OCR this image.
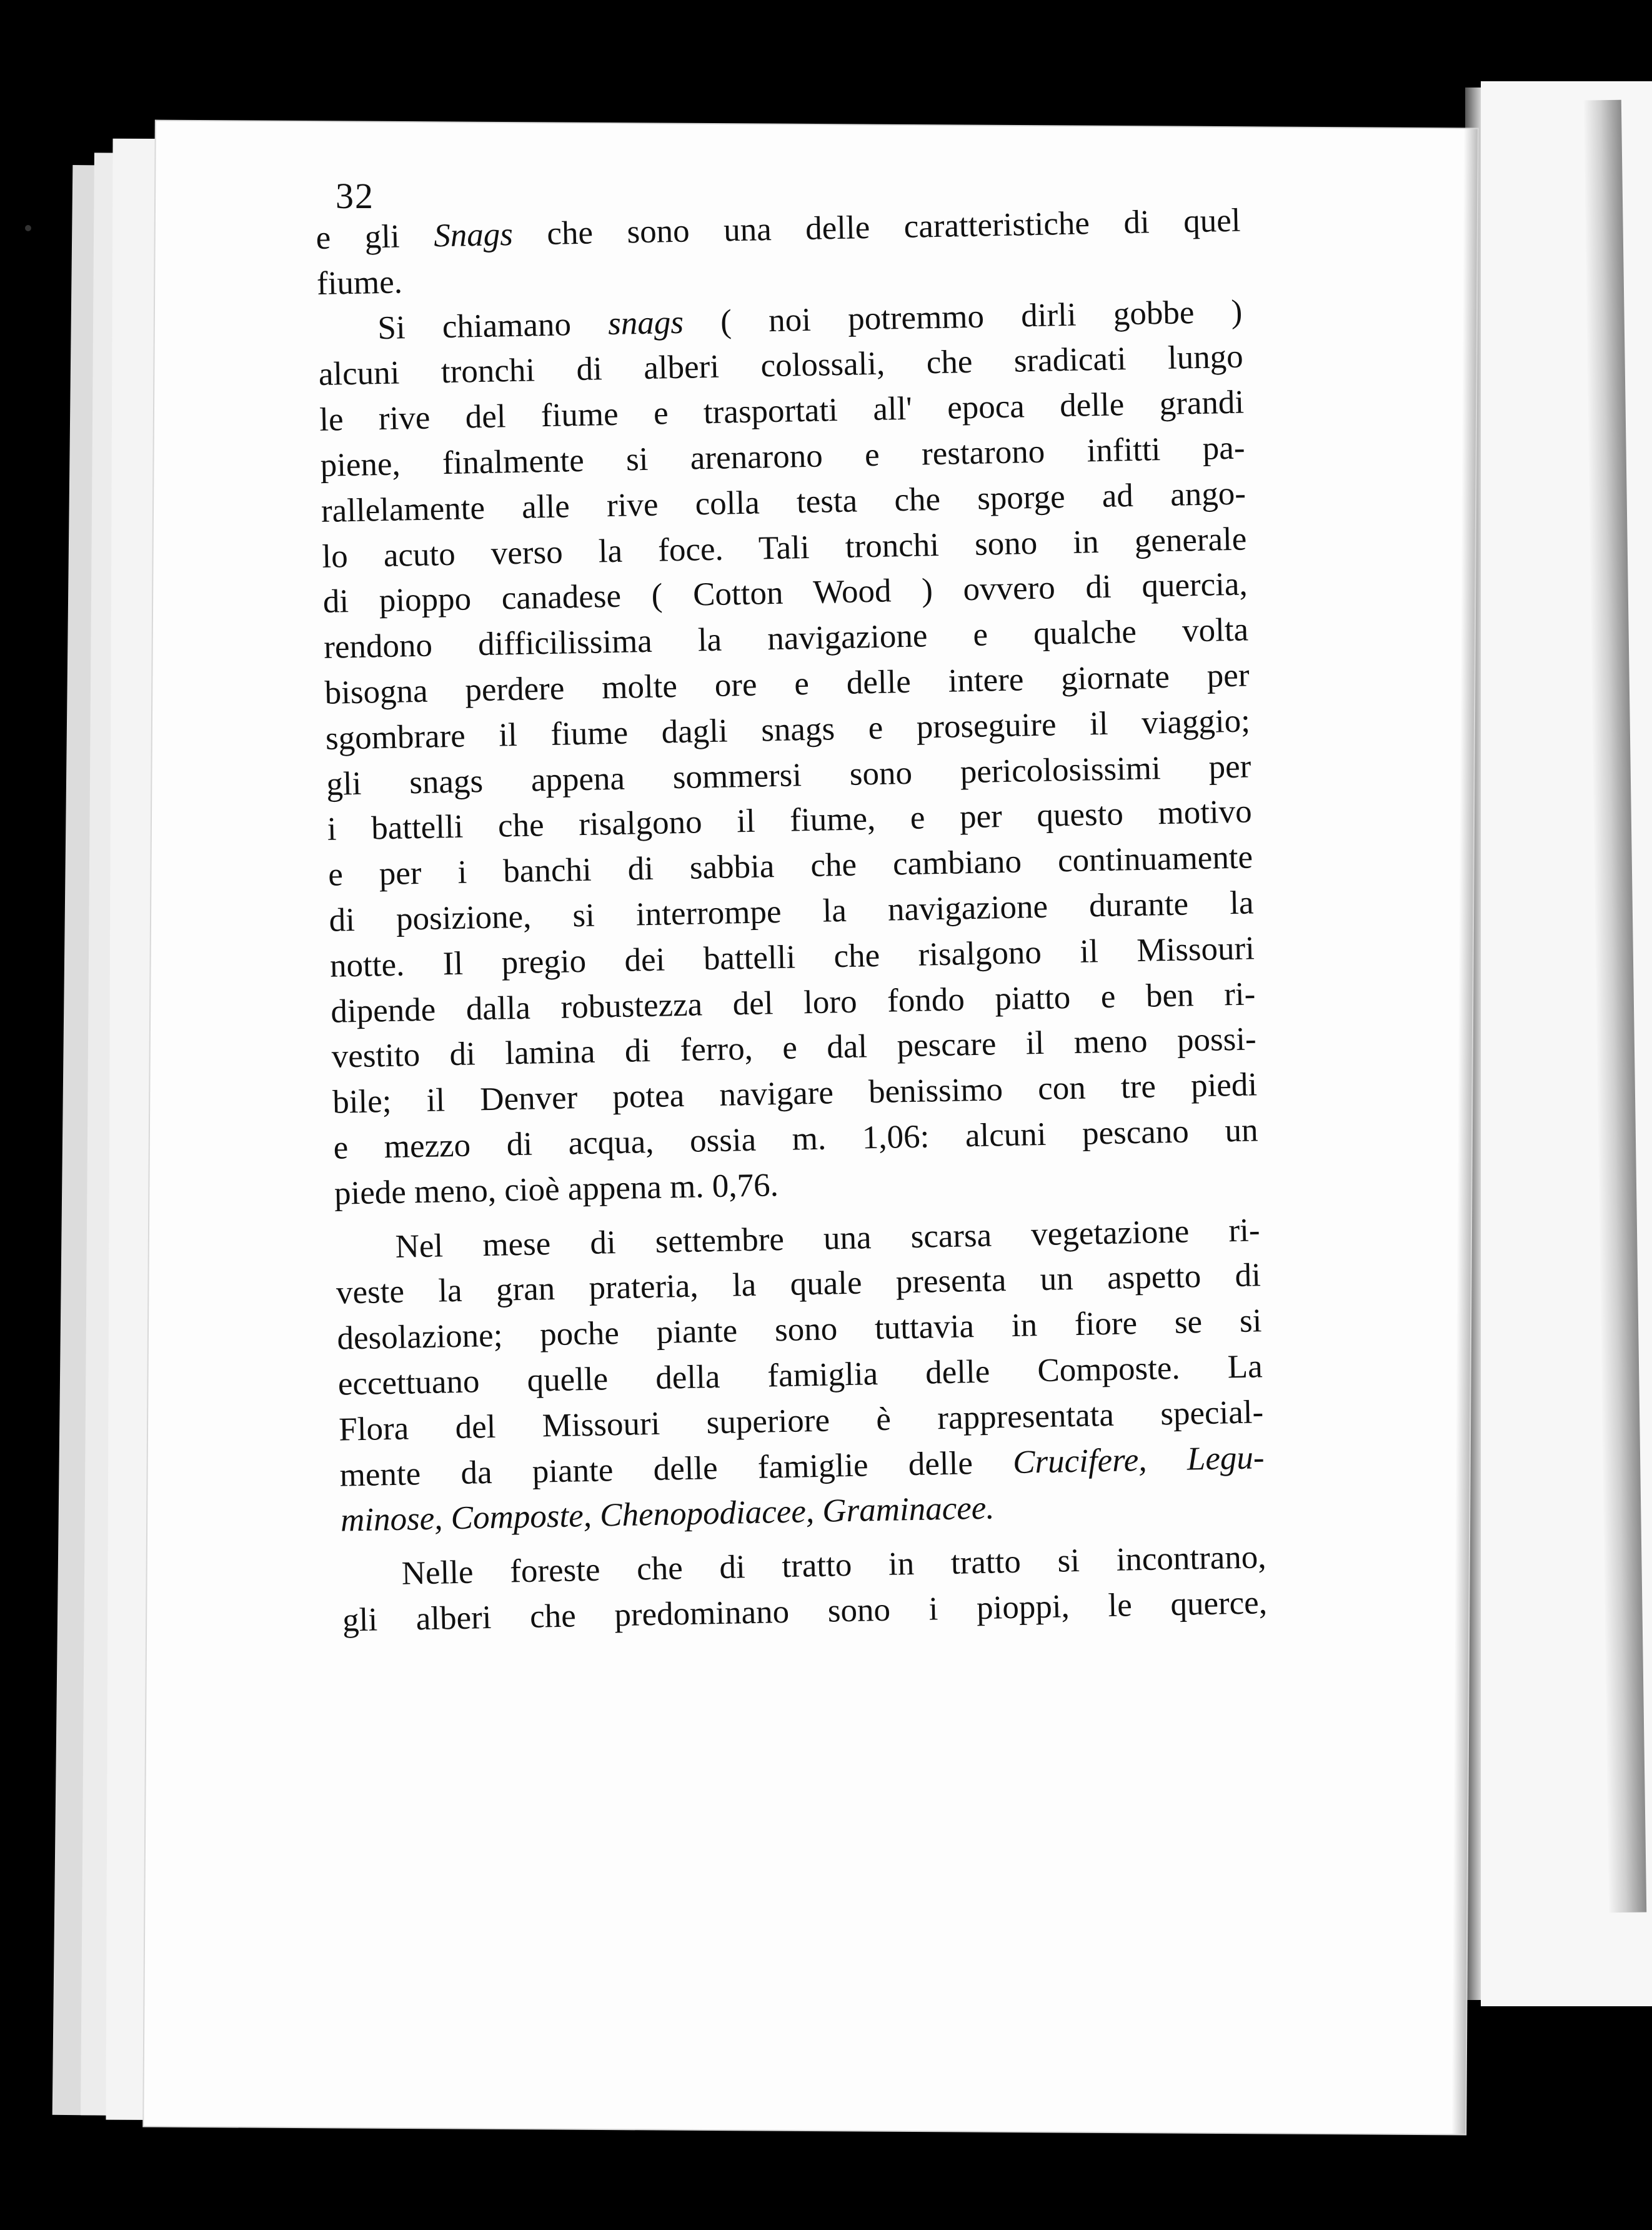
32
e gli Snags che sono una delle caratteristiche di quel
fiume.
Si chiamano snags ( noi potremmo dirli gobbe )
alcuni tronchi di alberi colossali, che sradicati lungo
le rive del fiume e trasportati all' epoca delle grandi
piene, finalmente si arenarono e restarono infitti pa-
rallelamente alle rive colla testa che sporge ad ango-
lo acuto verso la foce. Tali tronchi sono in generale
di pioppo canadese ( Cotton Wood ) ovvero di quercia,
rendono difficilissima la navigazione e qualche volta
bisogna perdere molte ore e delle intere giornate per
sgombrare il fiume dagli snags e proseguire il viaggio;
gli snags appena sommersi sono pericolosissimi per
i battelli che risalgono il fiume, e per questo motivo
e per i banchi di sabbia che cambiano continuamente
di posizione, si interrompe la navigazione durante la
notte. Il pregio dei battelli che risalgono il Missouri
dipende dalla robustezza del loro fondo piatto e ben ri-
vestito di lamina di ferro, e dal pescare il meno possi-
bile; il Denver potea navigare benissimo con tre piedi
e mezzo di acqua, ossia m. 1,06: alcuni pescano un
piede meno, cioè appena m. 0,76.
Nel mese di settembre una scarsa vegetazione ri-
veste la gran prateria, la quale presenta un aspetto di
desolazione; poche piante sono tuttavia in fiore se si
eccettuano quelle della famiglia delle Composte. La
Flora del Missouri superiore è rappresentata special-
mente da piante delle famiglie delle Crucifere, Legu-
minose, Composte, Chenopodiacee, Graminacee.
Nelle foreste che di tratto in tratto si incontrano,
gli alberi che predominano sono i pioppi, le querce,
